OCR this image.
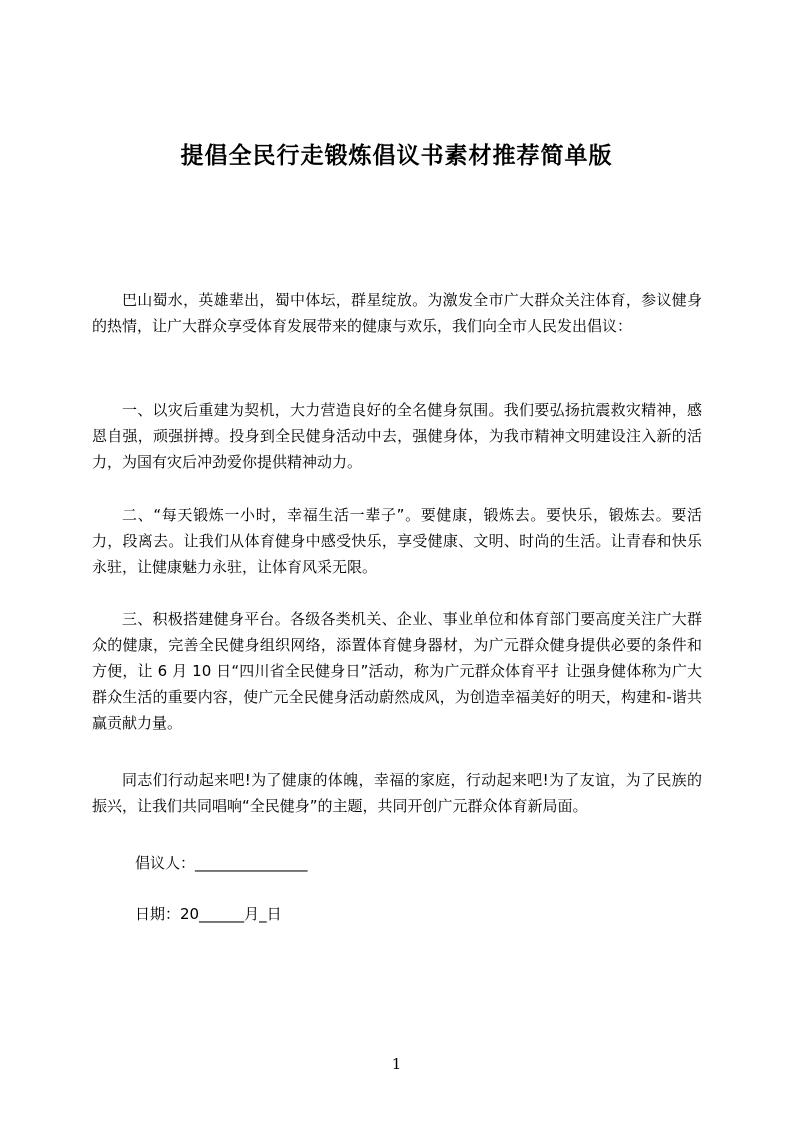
提倡全民行走锻炼倡议书素材推荐简单版

巴山蜀水，英雄辈出，蜀中体坛，群星绽放。为激发全市广大群众关注体育，参议健身的热情，让广大群众享受体育发展带来的健康与欢乐，我们向全市人民发出倡议：

一、以灾后重建为契机，大力营造良好的全名健身氛围。我们要弘扬抗震救灾精神，感恩自强，顽强拼搏。投身到全民健身活动中去，强健身体，为我市精神文明建设注入新的活力，为国有灾后冲劲爱你提供精神动力。

二、“每天锻炼一小时，幸福生活一辈子”。要健康，锻炼去。要快乐，锻炼去。要活力，段离去。让我们从体育健身中感受快乐，享受健康、文明、时尚的生活。让青春和快乐永驻，让健康魅力永驻，让体育风采无限。

三、积极搭建健身平台。各级各类机关、企业、事业单位和体育部门要高度关注广大群众的健康，完善全民健身组织网络，添置体育健身器材，为广元群众健身提供必要的条件和方便，让 6 月 10 日“四川省全民健身日”活动，称为广元群众体育平扌让强身健体称为广大群众生活的重要内容，使广元全民健身活动蔚然成风，为创造幸福美好的明天，构建和-谐共赢贡献力量。

同志们行动起来吧!为了健康的体魄，幸福的家庭，行动起来吧!为了友谊，为了民族的振兴，让我们共同唱响“全民健身”的主题，共同开创广元群众体育新局面。

倡议人：_______________

日期：20______月_日

1
